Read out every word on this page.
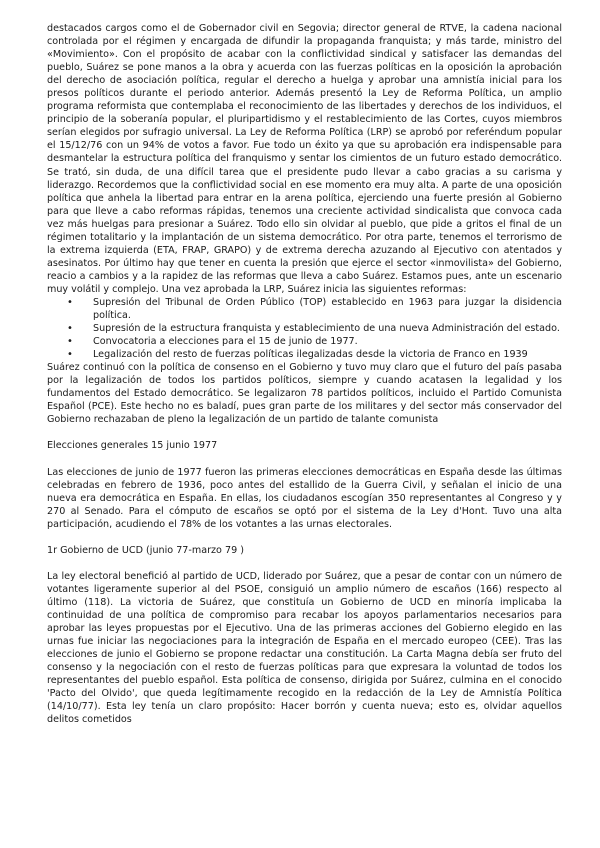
destacados cargos como el de Gobernador civil en Segovia; director general de RTVE, la cadena nacional controlada por el régimen y encargada de difundir la propaganda franquista; y más tarde, ministro del «Movimiento». Con el propósito de acabar con la conflictividad sindical y satisfacer las demandas del pueblo, Suárez se pone manos a la obra y acuerda con las fuerzas políticas en la oposición la aprobación del derecho de asociación política, regular el derecho a huelga y aprobar una amnistía inicial para los presos políticos durante el periodo anterior. Además presentó la Ley de Reforma Política, un amplio programa reformista que contemplaba el reconocimiento de las libertades y derechos de los individuos, el principio de la soberanía popular, el pluripartidismo y el restablecimiento de las Cortes, cuyos miembros serían elegidos por sufragio universal. La Ley de Reforma Política (LRP) se aprobó por referéndum popular el 15/12/76 con un 94% de votos a favor. Fue todo un éxito ya que su aprobación era indispensable para desmantelar la estructura política del franquismo y sentar los cimientos de un futuro estado democrático. Se trató, sin duda, de una difícil tarea que el presidente pudo llevar a cabo gracias a su carisma y liderazgo. Recordemos que la conflictividad social en ese momento era muy alta. A parte de una oposición política que anhela la libertad para entrar en la arena política, ejerciendo una fuerte presión al Gobierno para que lleve a cabo reformas rápidas, tenemos una creciente actividad sindicalista que convoca cada vez más huelgas para presionar a Suárez. Todo ello sin olvidar al pueblo, que pide a gritos el final de un régimen totalitario y la implantación de un sistema democrático. Por otra parte, tenemos el terrorismo de la extrema izquierda (ETA, FRAP, GRAPO) y de extrema derecha azuzando al Ejecutivo con atentados y asesinatos. Por último hay que tener en cuenta la presión que ejerce el sector «inmovilista» del Gobierno, reacio a cambios y a la rapidez de las reformas que lleva a cabo Suárez. Estamos pues, ante un escenario muy volátil y complejo. Una vez aprobada la LRP, Suárez inicia las siguientes reformas:

• Supresión del Tribunal de Orden Público (TOP) establecido en 1963 para juzgar la disidencia política.
• Supresión de la estructura franquista y establecimiento de una nueva Administración del estado.
• Convocatoria a elecciones para el 15 de junio de 1977.
• Legalización del resto de fuerzas políticas ilegalizadas desde la victoria de Franco en 1939

Suárez continuó con la política de consenso en el Gobierno y tuvo muy claro que el futuro del país pasaba por la legalización de todos los partidos políticos, siempre y cuando acatasen la legalidad y los fundamentos del Estado democrático. Se legalizaron 78 partidos políticos, incluido el Partido Comunista Español (PCE). Este hecho no es baladí, pues gran parte de los militares y del sector más conservador del Gobierno rechazaban de pleno la legalización de un partido de talante comunista

Elecciones generales 15 junio 1977

Las elecciones de junio de 1977 fueron las primeras elecciones democráticas en España desde las últimas celebradas en febrero de 1936, poco antes del estallido de la Guerra Civil, y señalan el inicio de una nueva era democrática en España. En ellas, los ciudadanos escogían 350 representantes al Congreso y y 270 al Senado. Para el cómputo de escaños se optó por el sistema de la Ley d'Hont. Tuvo una alta participación, acudiendo el 78% de los votantes a las urnas electorales.

1r Gobierno de UCD (junio 77-marzo 79 )

La ley electoral benefició al partido de UCD, liderado por Suárez, que a pesar de contar con un número de votantes ligeramente superior al del PSOE, consiguió un amplio número de escaños (166) respecto al último (118). La victoria de Suárez, que constituía un Gobierno de UCD en minoría implicaba la continuidad de una política de compromiso para recabar los apoyos parlamentarios necesarios para aprobar las leyes propuestas por el Ejecutivo. Una de las primeras acciones del Gobierno elegido en las urnas fue iniciar las negociaciones para la integración de España en el mercado europeo (CEE). Tras las elecciones de junio el Gobierno se propone redactar una constitución. La Carta Magna debía ser fruto del consenso y la negociación con el resto de fuerzas políticas para que expresara la voluntad de todos los representantes del pueblo español. Esta política de consenso, dirigida por Suárez, culmina en el conocido 'Pacto del Olvido', que queda legítimamente recogido en la redacción de la Ley de Amnistía Política (14/10/77). Esta ley tenía un claro propósito: Hacer borrón y cuenta nueva; esto es, olvidar aquellos delitos cometidos
